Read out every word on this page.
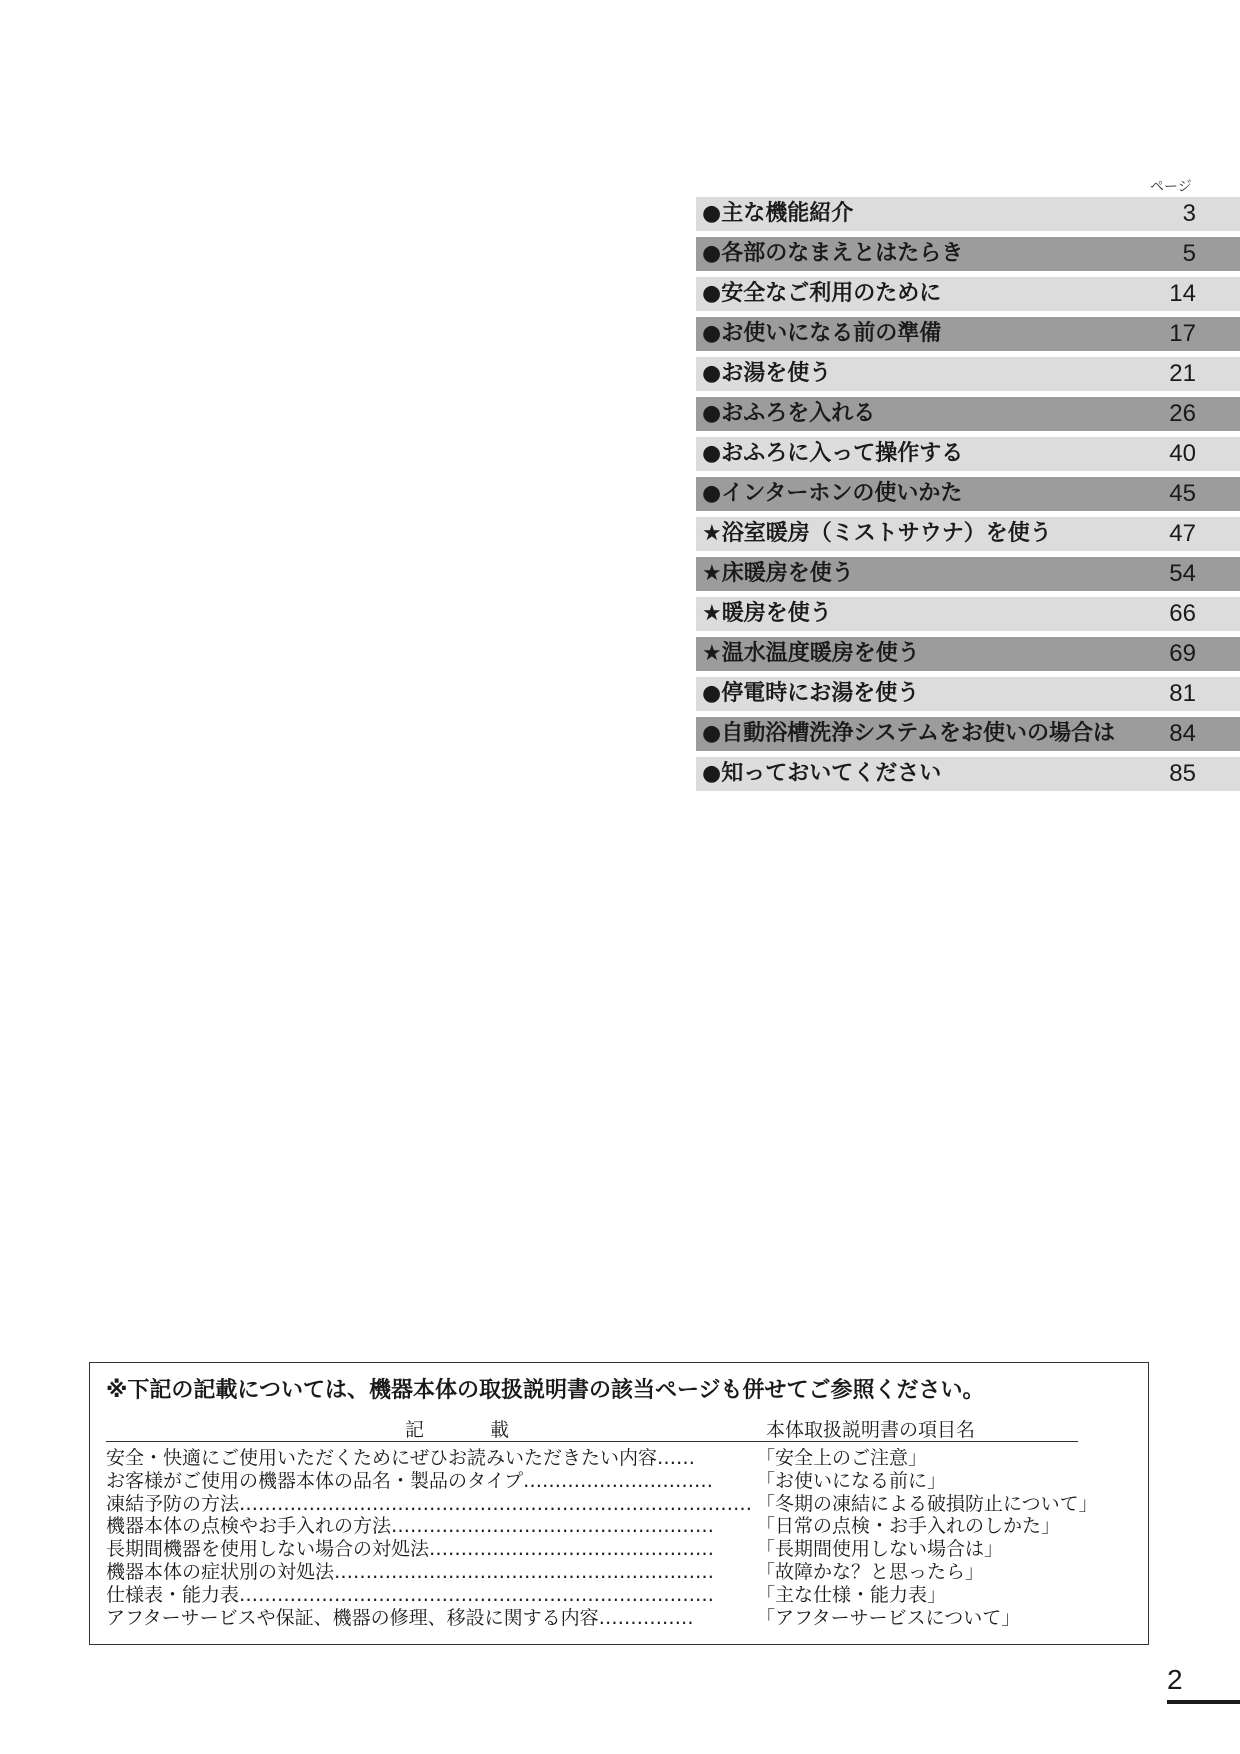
ページ
●主な機能紹介	3
●各部のなまえとはたらき	5
●安全なご利用のために	14
●お使いになる前の準備	17
●お湯を使う	21
●おふろを入れる	26
●おふろに入って操作する	40
●インターホンの使いかた	45
★浴室暖房（ミストサウナ）を使う	47
★床暖房を使う	54
★暖房を使う	66
★温水温度暖房を使う	69
●停電時にお湯を使う	81
●自動浴槽洗浄システムをお使いの場合は 84
●知っておいてください	85
※下記の記載については、機器本体の取扱説明書の該当ページも併せてご参照ください。
記載	本体取扱説明書の項目名
安全・快適にご使用いただくためにぜひお読みいただきたい内容……	「安全上のご注意」
お客様がご使用の機器本体の品名・製品のタイプ………………………… 「お使いになる前に」
凍結予防の方法……………………………………………………………………… 「冬期の凍結による破損防止について」
機器本体の点検やお手入れの方法…………………………………………… 「日常の点検・お手入れのしかた」
長期間機器を使用しない場合の対処法……………………………………… 「長期間使用しない場合は」
機器本体の症状別の対処法…………………………………………………… 「故障かな？と思ったら」
仕様表・能力表………………………………………………………………… 「主な仕様・能力表」
アフターサービスや保証、機器の修理、移設に関する内容……………	「アフターサービスについて」
2
